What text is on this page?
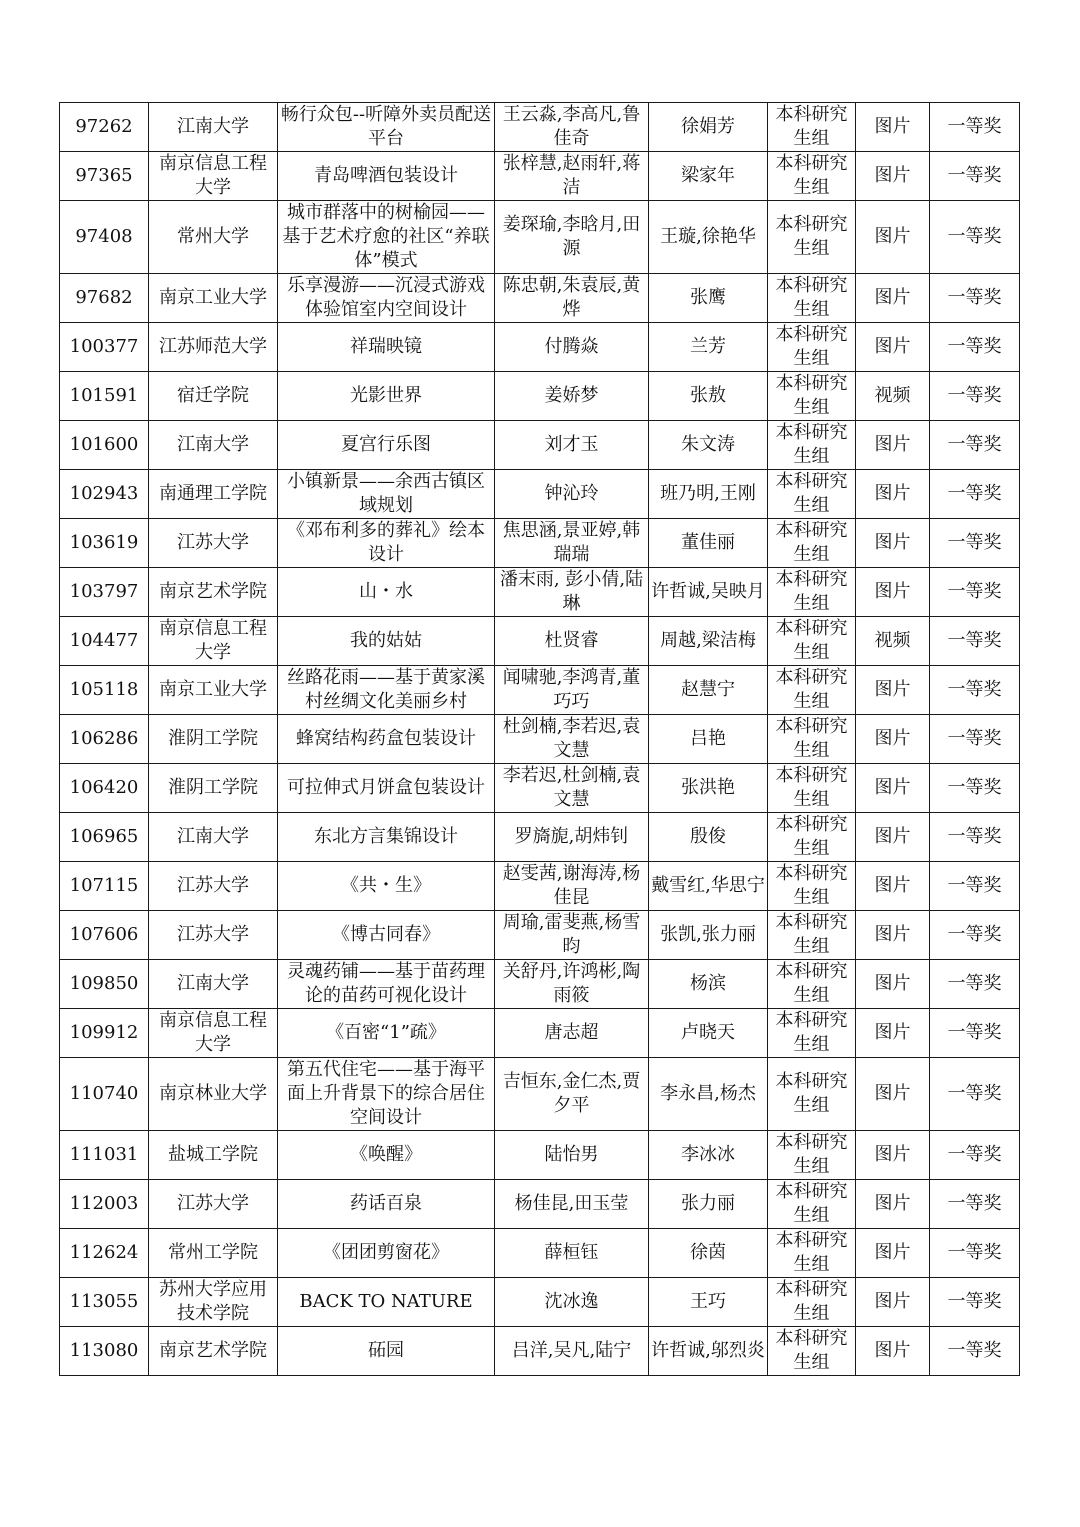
97262	江南大学	畅行众包--听障外卖员配送平台	王云淼,李高凡,鲁佳奇	徐娟芳	本科研究生组	图片	一等奖
97365	南京信息工程大学	青岛啤酒包装设计	张梓慧,赵雨轩,蒋洁	梁家年	本科研究生组	图片	一等奖
97408	常州大学	城市群落中的树榆园——基于艺术疗愈的社区“养联体”模式	姜琛瑜,李晗月,田源	王璇,徐艳华	本科研究生组	图片	一等奖
97682	南京工业大学	乐享漫游——沉浸式游戏体验馆室内空间设计	陈忠朝,朱袁辰,黄烨	张鹰	本科研究生组	图片	一等奖
100377	江苏师范大学	祥瑞映镜	付腾焱	兰芳	本科研究生组	图片	一等奖
101591	宿迁学院	光影世界	姜娇梦	张敖	本科研究生组	视频	一等奖
101600	江南大学	夏宫行乐图	刘才玉	朱文涛	本科研究生组	图片	一等奖
102943	南通理工学院	小镇新景——余西古镇区域规划	钟沁玲	班乃明,王刚	本科研究生组	图片	一等奖
103619	江苏大学	《邓布利多的葬礼》绘本设计	焦思涵,景亚婷,韩瑞瑞	董佳丽	本科研究生组	图片	一等奖
103797	南京艺术学院	山・水	潘末雨, 彭小倩,陆琳	许哲诚,吴映月	本科研究生组	图片	一等奖
104477	南京信息工程大学	我的姑姑	杜贤睿	周越,梁洁梅	本科研究生组	视频	一等奖
105118	南京工业大学	丝路花雨——基于黄家溪村丝绸文化美丽乡村	闻啸驰,李鸿青,董巧巧	赵慧宁	本科研究生组	图片	一等奖
106286	淮阴工学院	蜂窝结构药盒包装设计	杜剑楠,李若迟,袁文慧	吕艳	本科研究生组	图片	一等奖
106420	淮阴工学院	可拉伸式月饼盒包装设计	李若迟,杜剑楠,袁文慧	张洪艳	本科研究生组	图片	一等奖
106965	江南大学	东北方言集锦设计	罗旖旎,胡炜钊	殷俊	本科研究生组	图片	一等奖
107115	江苏大学	《共・生》	赵雯茜,谢海涛,杨佳昆	戴雪红,华思宁	本科研究生组	图片	一等奖
107606	江苏大学	《博古同春》	周瑜,雷斐燕,杨雪昀	张凯,张力丽	本科研究生组	图片	一等奖
109850	江南大学	灵魂药铺——基于苗药理论的苗药可视化设计	关舒丹,许鸿彬,陶雨筱	杨滨	本科研究生组	图片	一等奖
109912	南京信息工程大学	《百密“1”疏》	唐志超	卢晓天	本科研究生组	图片	一等奖
110740	南京林业大学	第五代住宅——基于海平面上升背景下的综合居住空间设计	吉恒东,金仁杰,贾夕平	李永昌,杨杰	本科研究生组	图片	一等奖
111031	盐城工学院	《唤醒》	陆怡男	李冰冰	本科研究生组	图片	一等奖
112003	江苏大学	药话百泉	杨佳昆,田玉莹	张力丽	本科研究生组	图片	一等奖
112624	常州工学院	《团团剪窗花》	薛桓钰	徐茵	本科研究生组	图片	一等奖
113055	苏州大学应用技术学院	BACK TO NATURE	沈冰逸	王巧	本科研究生组	图片	一等奖
113080	南京艺术学院	砳园	吕洋,吴凡,陆宁	许哲诚,邬烈炎	本科研究生组	图片	一等奖
